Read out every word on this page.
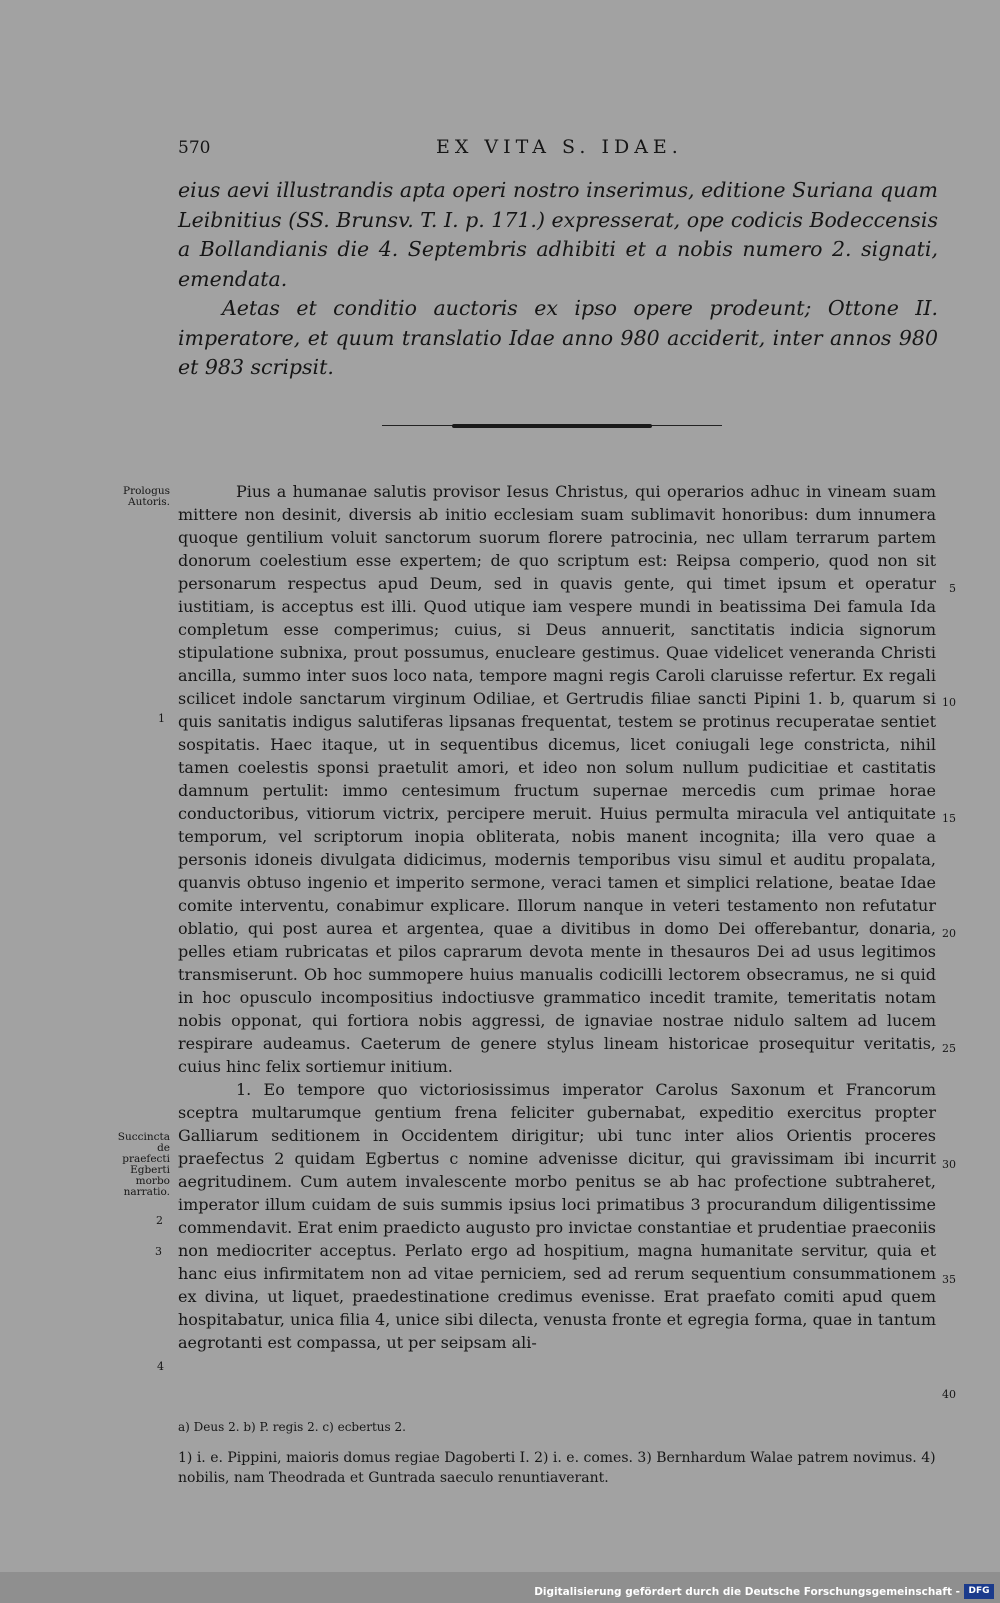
570	EX VITA S. IDAE.

eius aevi illustrandis apta operi nostro inserimus, editione Suriana quam Leibnitius (SS. Brunsv. T. I. p. 171.) expresserat, ope codicis Bodeccensis a Bollandianis die 4. Septembris adhibiti et a nobis numero 2. signati, emendata.

Aetas et conditio auctoris ex ipso opere prodeunt; Ottone II. imperatore, et quum translatio Idae anno 980 acciderit, inter annos 980 et 983 scripsit.

Prologus Autoris.
Succincta de praefecti Egberti morbo narratio.

Pius a humanae salutis provisor Iesus Christus, qui operarios adhuc in vineam suam mittere non desinit, diversis ab initio ecclesiam suam sublimavit honoribus: dum innumera quoque gentilium voluit sanctorum suorum florere patrocinia, nec ullam terrarum partem donorum coelestium esse expertem; de quo scriptum est: Reipsa comperio, quod non sit personarum respectus apud Deum, sed in quavis gente, qui timet ipsum et operatur iustitiam, is acceptus est illi. Quod utique iam vespere mundi in beatissima Dei famula Ida completum esse comperimus; cuius, si Deus annuerit, sanctitatis indicia signorum stipulatione subnixa, prout possumus, enucleare gestimus. Quae videlicet veneranda Christi ancilla, summo inter suos loco nata, tempore magni regis Caroli claruisse refertur. Ex regali scilicet indole sanctarum virginum Odiliae, et Gertrudis filiae sancti Pipini 1. b, quarum si quis sanitatis indigus salutiferas lipsanas frequentat, testem se protinus recuperatae sentiet sospitatis. Haec itaque, ut in sequentibus dicemus, licet coniugali lege constricta, nihil tamen coelestis sponsi praetulit amori, et ideo non solum nullum pudicitiae et castitatis damnum pertulit: immo centesimum fructum supernae mercedis cum primae horae conductoribus, vitiorum victrix, percipere meruit. Huius permulta miracula vel antiquitate temporum, vel scriptorum inopia obliterata, nobis manent incognita; illa vero quae a personis idoneis divulgata didicimus, modernis temporibus visu simul et auditu propalata, quanvis obtuso ingenio et imperito sermone, veraci tamen et simplici relatione, beatae Idae comite interventu, conabimur explicare. Illorum nanque in veteri testamento non refutatur oblatio, qui post aurea et argentea, quae a divitibus in domo Dei offerebantur, donaria, pelles etiam rubricatas et pilos caprarum devota mente in thesauros Dei ad usus legitimos transmiserunt. Ob hoc summopere huius manualis codicilli lectorem obsecramus, ne si quid in hoc opusculo incompositius indoctiusve grammatico incedit tramite, temeritatis notam nobis opponat, qui fortiora nobis aggressi, de ignaviae nostrae nidulo saltem ad lucem respirare audeamus. Caeterum de genere stylus lineam historicae prosequitur veritatis, cuius hinc felix sortiemur initium.

1. Eo tempore quo victoriosissimus imperator Carolus Saxonum et Francorum sceptra multarumque gentium frena feliciter gubernabat, expeditio exercitus propter Galliarum seditionem in Occidentem dirigitur; ubi tunc inter alios Orientis proceres praefectus 2 quidam Egbertus c nomine advenisse dicitur, qui gravissimam ibi incurrit aegritudinem. Cum autem invalescente morbo penitus se ab hac profectione subtraheret, imperator illum cuidam de suis summis ipsius loci primatibus 3 procurandum diligentissime commendavit. Erat enim praedicto augusto pro invictae constantiae et prudentiae praeconiis non mediocriter acceptus. Perlato ergo ad hospitium, magna humanitate servitur, quia et hanc eius infirmitatem non ad vitae perniciem, sed ad rerum sequentium consummationem ex divina, ut liquet, praedestinatione credimus evenisse. Erat praefato comiti apud quem hospitabatur, unica filia 4, unice sibi dilecta, venusta fronte et egregia forma, quae in tantum aegrotanti est compassa, ut per seipsam ali-

5
10
15
20
25
30
35
40
1
2
3
4
a) Deus 2. b) P. regis 2. c) ecbertus 2.
1) i. e. Pippini, maioris domus regiae Dagoberti I. 2) i. e. comes. 3) Bernhardum Walae patrem novimus. 4) nobilis, nam Theodrada et Guntrada saeculo renuntiaverant.
Digitalisierung gefördert durch die Deutsche Forschungsgemeinschaft - DFG
